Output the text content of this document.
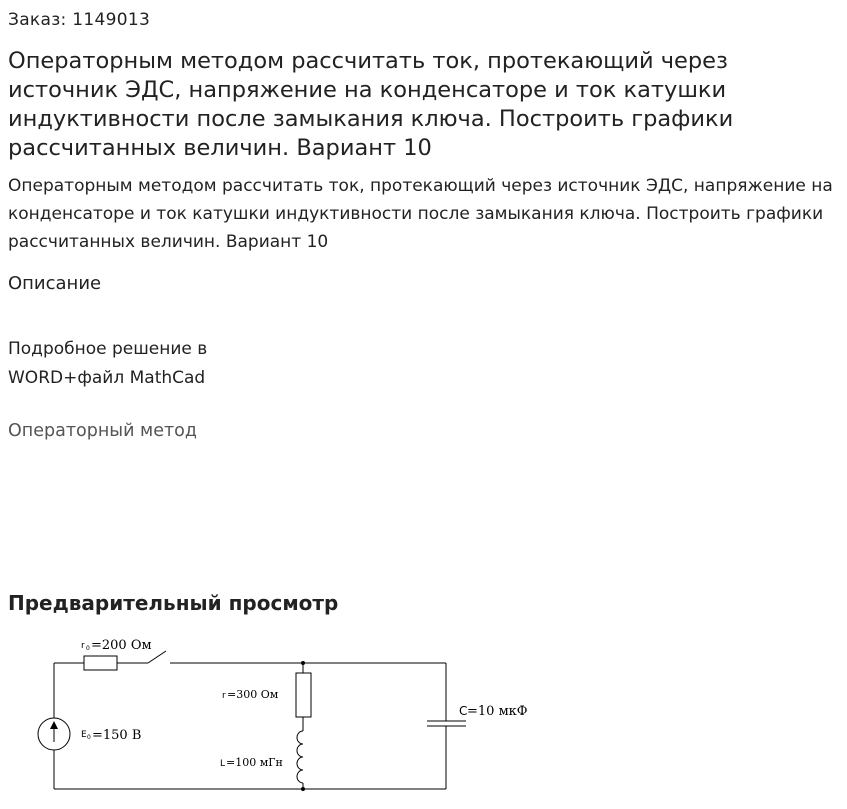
Заказ: 1149013
Операторным методом рассчитать ток, протекающий через источник ЭДС, напряжение на конденсаторе и ток катушки индуктивности после замыкания ключа. Построить графики рассчитанных величин. Вариант 10

Операторным методом рассчитать ток, протекающий через источник ЭДС, напряжение на конденсаторе и ток катушки индуктивности после замыкания ключа. Построить графики рассчитанных величин. Вариант 10

Описание
Подробное решение в
WORD+файл MathCad
Операторный метод
Предварительный просмотр
r 0 =200 Ом
E 0 =150 В
r =300 Ом
L =100 мГн
C =10 мкФ
